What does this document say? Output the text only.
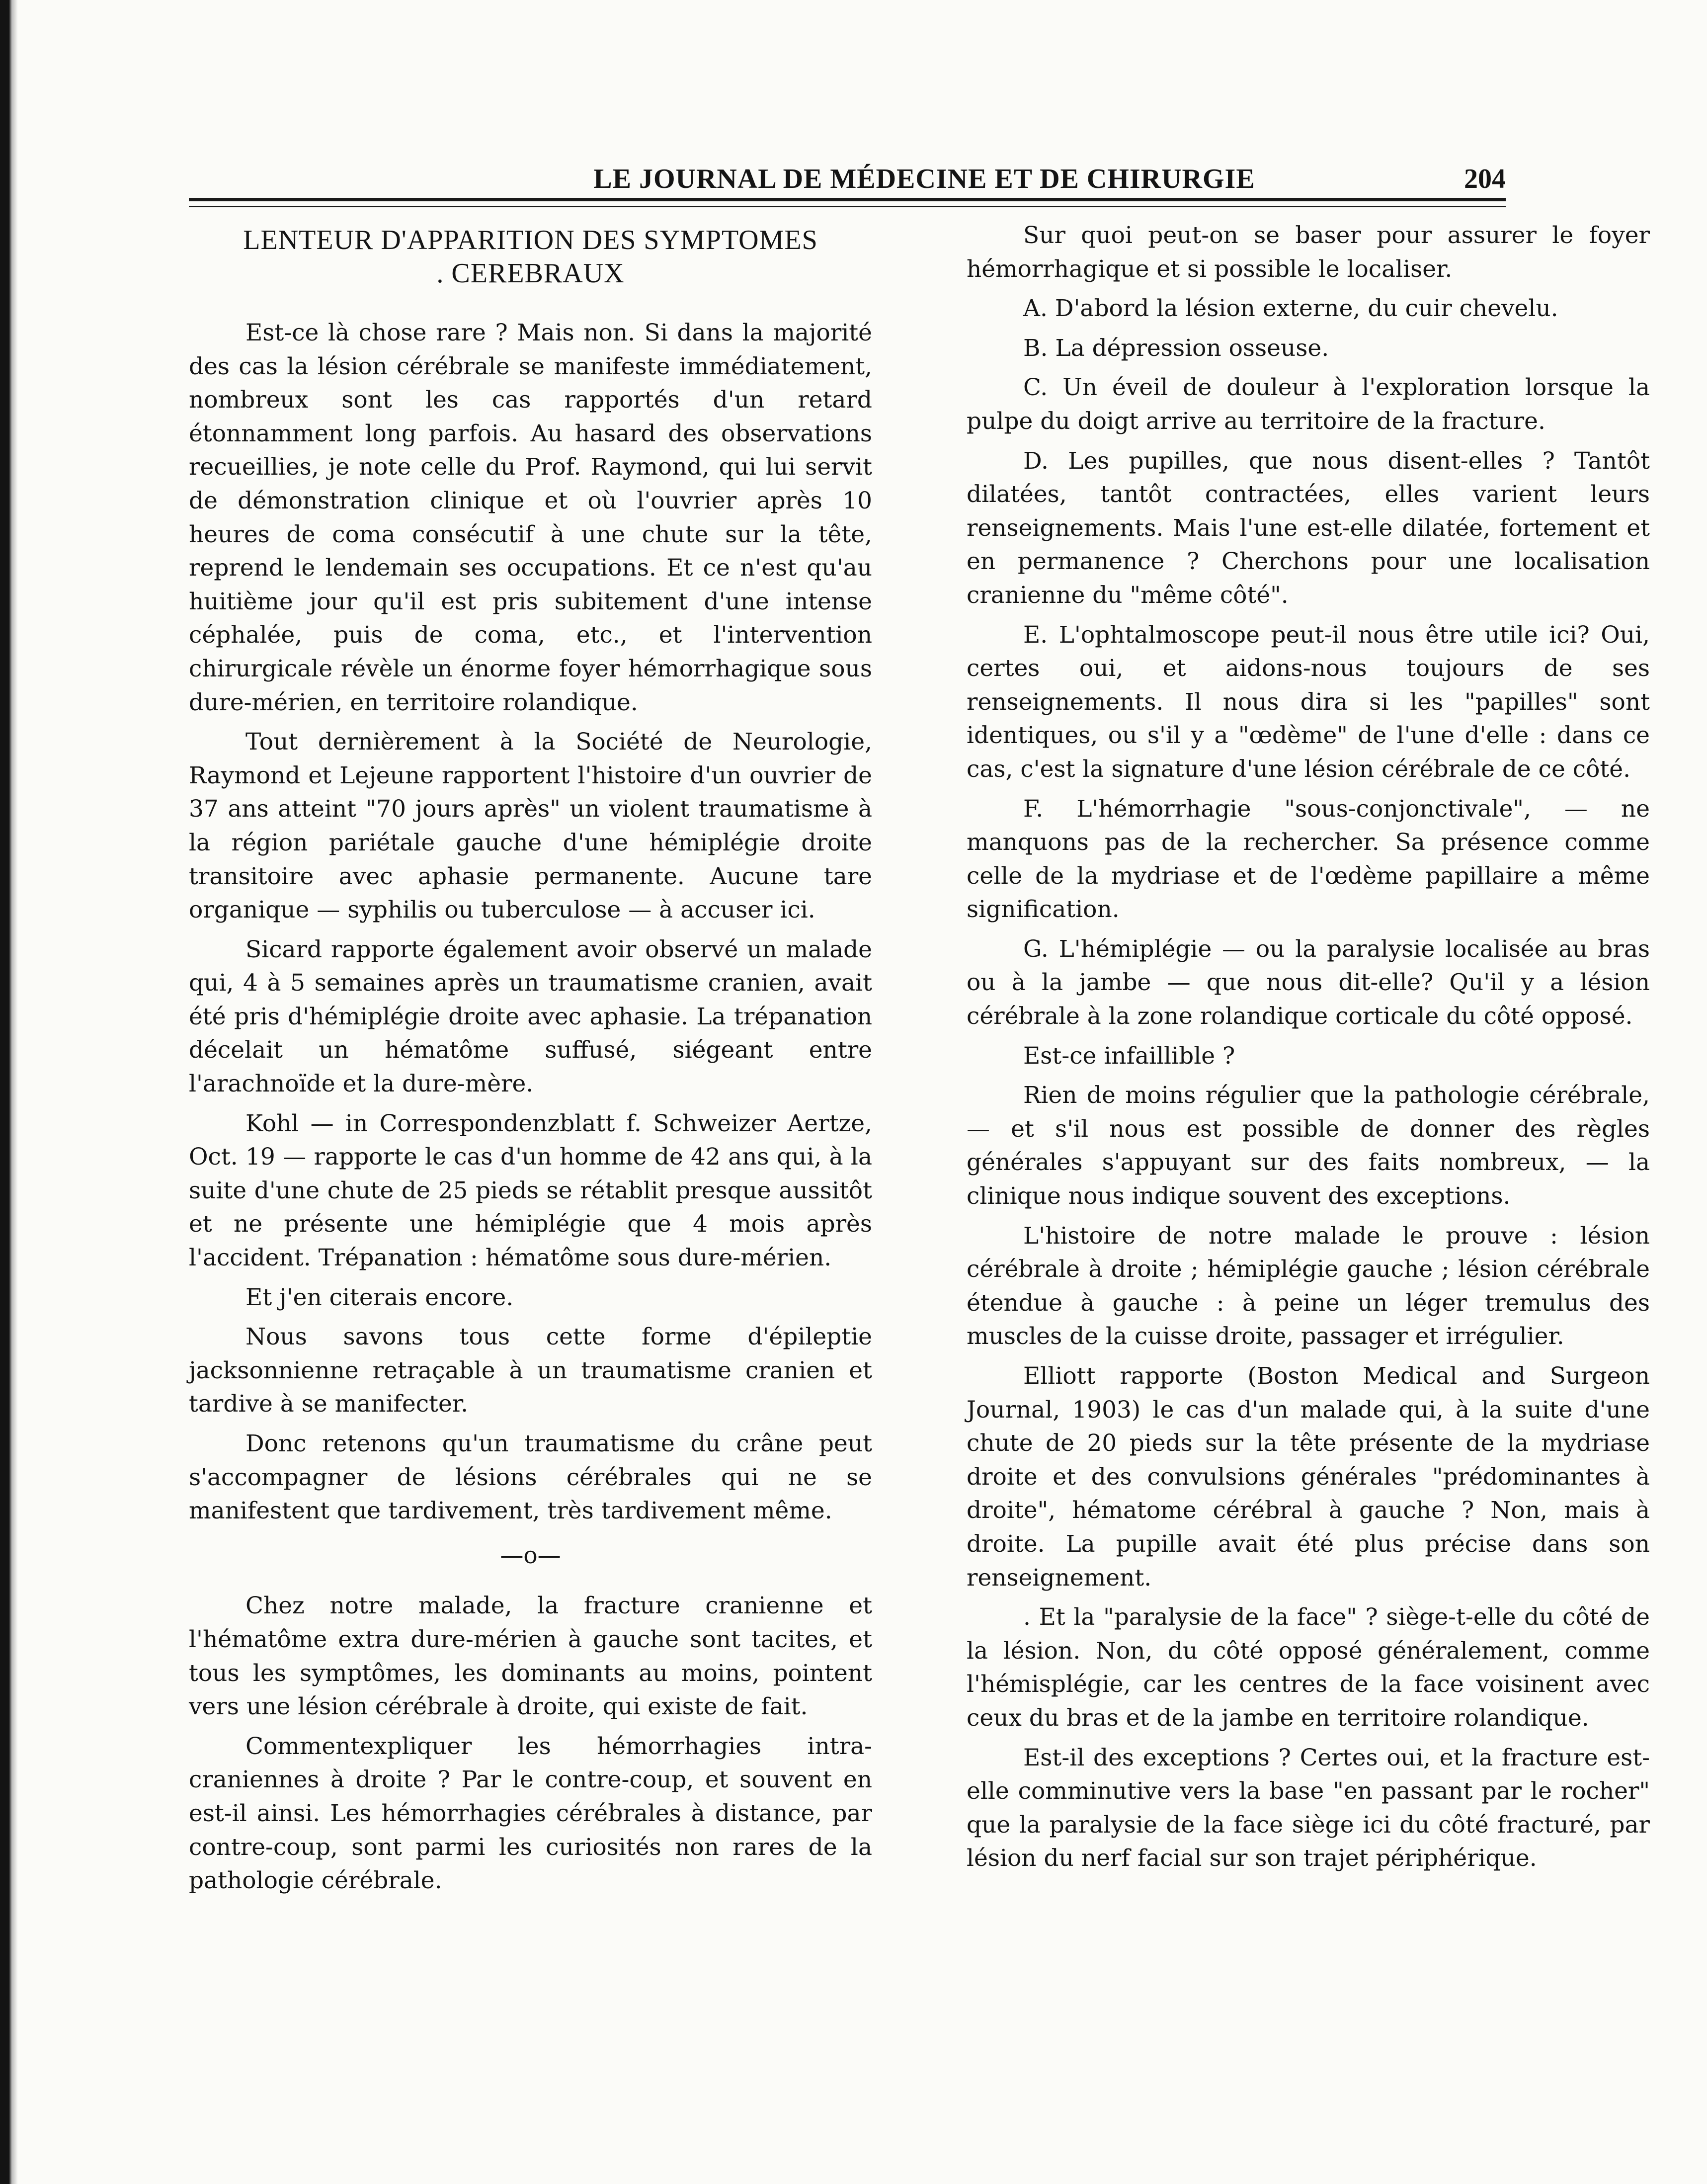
LE JOURNAL DE MÉDECINE ET DE CHIRURGIE	204
LENTEUR D'APPARITION DES SYMPTOMES
. CEREBRAUX

Est-ce là chose rare ? Mais non. Si dans la majorité des cas la lésion cérébrale se manifeste immédiatement, nombreux sont les cas rapportés d'un retard étonnamment long parfois. Au hasard des observations recueillies, je note celle du Prof. Raymond, qui lui servit de démonstration clinique et où l'ouvrier après 10 heures de coma consécutif à une chute sur la tête, reprend le lendemain ses occupations. Et ce n'est qu'au huitième jour qu'il est pris subitement d'une intense céphalée, puis de coma, etc., et l'intervention chirurgicale révèle un énorme foyer hémorrhagique sous dure-mérien, en territoire rolandique.

Tout dernièrement à la Société de Neurologie, Raymond et Lejeune rapportent l'histoire d'un ouvrier de 37 ans atteint "70 jours après" un violent traumatisme à la région pariétale gauche d'une hémiplégie droite transitoire avec aphasie permanente. Aucune tare organique — syphilis ou tuberculose — à accuser ici.

Sicard rapporte également avoir observé un malade qui, 4 à 5 semaines après un traumatisme cranien, avait été pris d'hémiplégie droite avec aphasie. La trépanation décelait un hématôme suffusé, siégeant entre l'arachnoïde et la dure-mère.

Kohl — in Correspondenzblatt f. Schweizer Aertze, Oct. 19 — rapporte le cas d'un homme de 42 ans qui, à la suite d'une chute de 25 pieds se rétablit presque aussitôt et ne présente une hémiplégie que 4 mois après l'accident. Trépanation : hématôme sous dure-mérien.

Et j'en citerais encore.

Nous savons tous cette forme d'épileptie jacksonnienne retraçable à un traumatisme cranien et tardive à se manifecter.

Donc retenons qu'un traumatisme du crâne peut s'accompagner de lésions cérébrales qui ne se manifestent que tardivement, très tardivement même.

—o—

Chez notre malade, la fracture cranienne et l'hématôme extra dure-mérien à gauche sont tacites, et tous les symptômes, les dominants au moins, pointent vers une lésion cérébrale à droite, qui existe de fait.

Commentexpliquer les hémorrhagies intra-craniennes à droite ? Par le contre-coup, et souvent en est-il ainsi. Les hémorrhagies cérébrales à distance, par contre-coup, sont parmi les curiosités non rares de la pathologie cérébrale.

Sur quoi peut-on se baser pour assurer le foyer hémorrhagique et si possible le localiser.

A. D'abord la lésion externe, du cuir chevelu.

B. La dépression osseuse.

C. Un éveil de douleur à l'exploration lorsque la pulpe du doigt arrive au territoire de la fracture.

D. Les pupilles, que nous disent-elles ? Tantôt dilatées, tantôt contractées, elles varient leurs renseignements. Mais l'une est-elle dilatée, fortement et en permanence ? Cherchons pour une localisation cranienne du "même côté".

E. L'ophtalmoscope peut-il nous être utile ici? Oui, certes oui, et aidons-nous toujours de ses renseignements. Il nous dira si les "papilles" sont identiques, ou s'il y a "œdème" de l'une d'elle : dans ce cas, c'est la signature d'une lésion cérébrale de ce côté.

F. L'hémorrhagie "sous-conjonctivale", — ne manquons pas de la rechercher. Sa présence comme celle de la mydriase et de l'œdème papillaire a même signification.

G. L'hémiplégie — ou la paralysie localisée au bras ou à la jambe — que nous dit-elle? Qu'il y a lésion cérébrale à la zone rolandique corticale du côté opposé.

Est-ce infaillible ?

Rien de moins régulier que la pathologie cérébrale, — et s'il nous est possible de donner des règles générales s'appuyant sur des faits nombreux, — la clinique nous indique souvent des exceptions.

L'histoire de notre malade le prouve : lésion cérébrale à droite ; hémiplégie gauche ; lésion cérébrale étendue à gauche : à peine un léger tremulus des muscles de la cuisse droite, passager et irrégulier.

Elliott rapporte (Boston Medical and Surgeon Journal, 1903) le cas d'un malade qui, à la suite d'une chute de 20 pieds sur la tête présente de la mydriase droite et des convulsions générales "prédominantes à droite", hématome cérébral à gauche ? Non, mais à droite. La pupille avait été plus précise dans son renseignement.

. Et la "paralysie de la face" ? siège-t-elle du côté de la lésion. Non, du côté opposé généralement, comme l'hémisplégie, car les centres de la face voisinent avec ceux du bras et de la jambe en territoire rolandique.

Est-il des exceptions ? Certes oui, et la fracture est-elle comminutive vers la base "en passant par le rocher" que la paralysie de la face siège ici du côté fracturé, par lésion du nerf facial sur son trajet périphérique.
